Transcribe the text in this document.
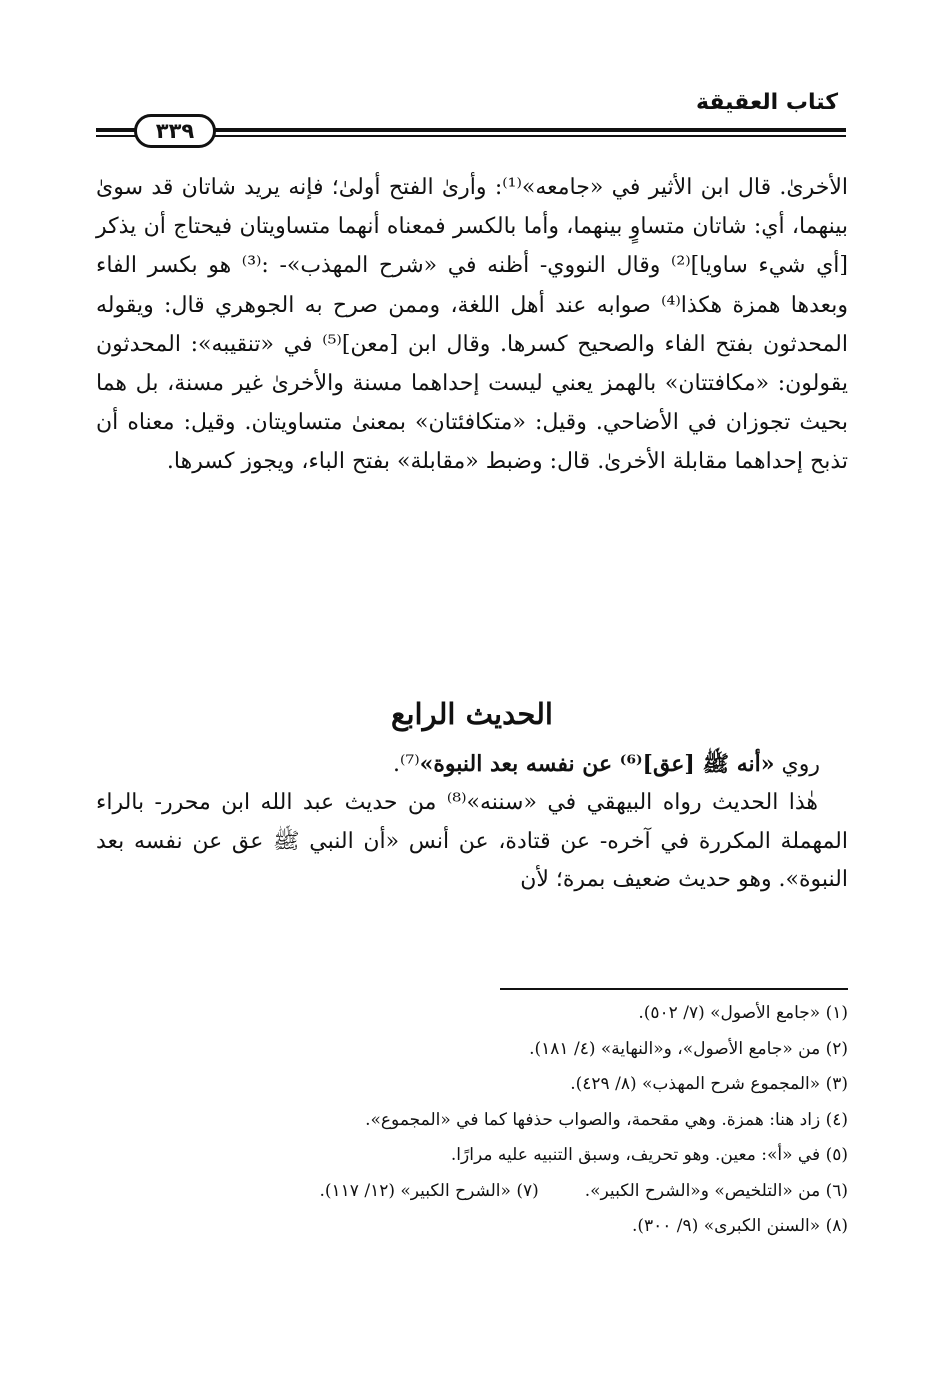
كتاب العقيقة
٣٣٩

الأخرىٰ. قال ابن الأثير في «جامعه»⁽¹⁾: وأرىٰ الفتح أولىٰ؛ فإنه يريد شاتان قد سوىٰ بينهما، أي: شاتان متساوٍ بينهما، وأما بالكسر فمعناه أنهما متساويتان فيحتاج أن يذكر [أي شيء ساويا]⁽²⁾ وقال النووي- أظنه في «شرح المهذب»- :⁽³⁾ هو بكسر الفاء وبعدها همزة هكذا⁽⁴⁾ صوابه عند أهل اللغة، وممن صرح به الجوهري قال: ويقوله المحدثون بفتح الفاء والصحيح كسرها. وقال ابن [معن]⁽⁵⁾ في «تنقيبه»: المحدثون يقولون: «مكافتتان» بالهمز يعني ليست إحداهما مسنة والأخرىٰ غير مسنة، بل هما بحيث تجوزان في الأضاحي. وقيل: «متكافئتان» بمعنىٰ متساويتان. وقيل: معناه أن تذبح إحداهما مقابلة الأخرىٰ. قال: وضبط «مقابلة» بفتح الباء، ويجوز كسرها.

الحديث الرابع

روي «أنه ﷺ [عق]⁽⁶⁾ عن نفسه بعد النبوة»⁽⁷⁾.

هٰذا الحديث رواه البيهقي في «سننه»⁽⁸⁾ من حديث عبد الله ابن محرر- بالراء المهملة المكررة في آخره- عن قتادة، عن أنس «أن النبي ﷺ عق عن نفسه بعد النبوة». وهو حديث ضعيف بمرة؛ لأن

(١) «جامع الأصول» (٧/ ٥٠٢).

(٢) من «جامع الأصول»، و«النهاية» (٤/ ١٨١).

(٣) «المجموع شرح المهذب» (٨/ ٤٢٩).

(٤) زاد هنا: همزة. وهي مقحمة، والصواب حذفها كما في «المجموع».

(٥) في «أ»: معين. وهو تحريف، وسبق التنبيه عليه مرارًا.

(٦) من «التلخيص» و«الشرح الكبير».
(٧) «الشرح الكبير» (١٢/ ١١٧).

(٨) «السنن الكبرى» (٩/ ٣٠٠).
